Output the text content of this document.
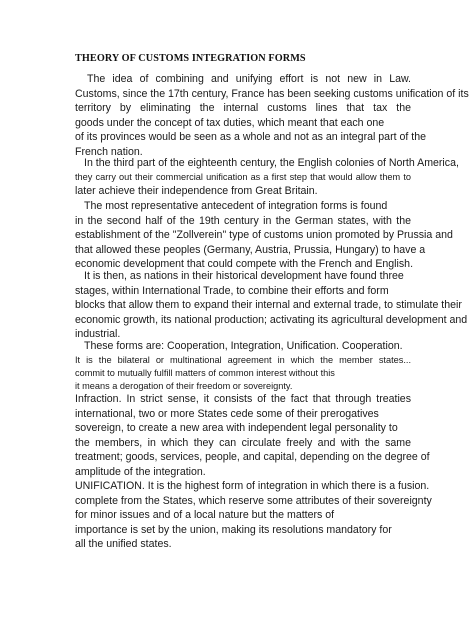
THEORY OF CUSTOMS INTEGRATION FORMS
The idea of combining and unifying effort is not new in Law.
Customs, since the 17th century, France has been seeking customs unification of its
territory by eliminating the internal customs lines that tax the
goods under the concept of tax duties, which meant that each one
of its provinces would be seen as a whole and not as an integral part of the
French nation.
In the third part of the eighteenth century, the English colonies of North America,
they carry out their commercial unification as a first step that would allow them to
later achieve their independence from Great Britain.
The most representative antecedent of integration forms is found
in the second half of the 19th century in the German states, with the
establishment of the "Zollverein" type of customs union promoted by Prussia and
that allowed these peoples (Germany, Austria, Prussia, Hungary) to have a
economic development that could compete with the French and English.
It is then, as nations in their historical development have found three
stages, within International Trade, to combine their efforts and form
blocks that allow them to expand their internal and external trade, to stimulate their
economic growth, its national production; activating its agricultural development and
industrial.
These forms are: Cooperation, Integration, Unification. Cooperation.
It is the bilateral or multinational agreement in which the member states...
commit to mutually fulfill matters of common interest without this
it means a derogation of their freedom or sovereignty.
Infraction. In strict sense, it consists of the fact that through treaties
international, two or more States cede some of their prerogatives
sovereign, to create a new area with independent legal personality to
the members, in which they can circulate freely and with the same
treatment; goods, services, people, and capital, depending on the degree of
amplitude of the integration.
UNIFICATION. It is the highest form of integration in which there is a fusion.
complete from the States, which reserve some attributes of their sovereignty
for minor issues and of a local nature but the matters of
importance is set by the union, making its resolutions mandatory for
all the unified states.
